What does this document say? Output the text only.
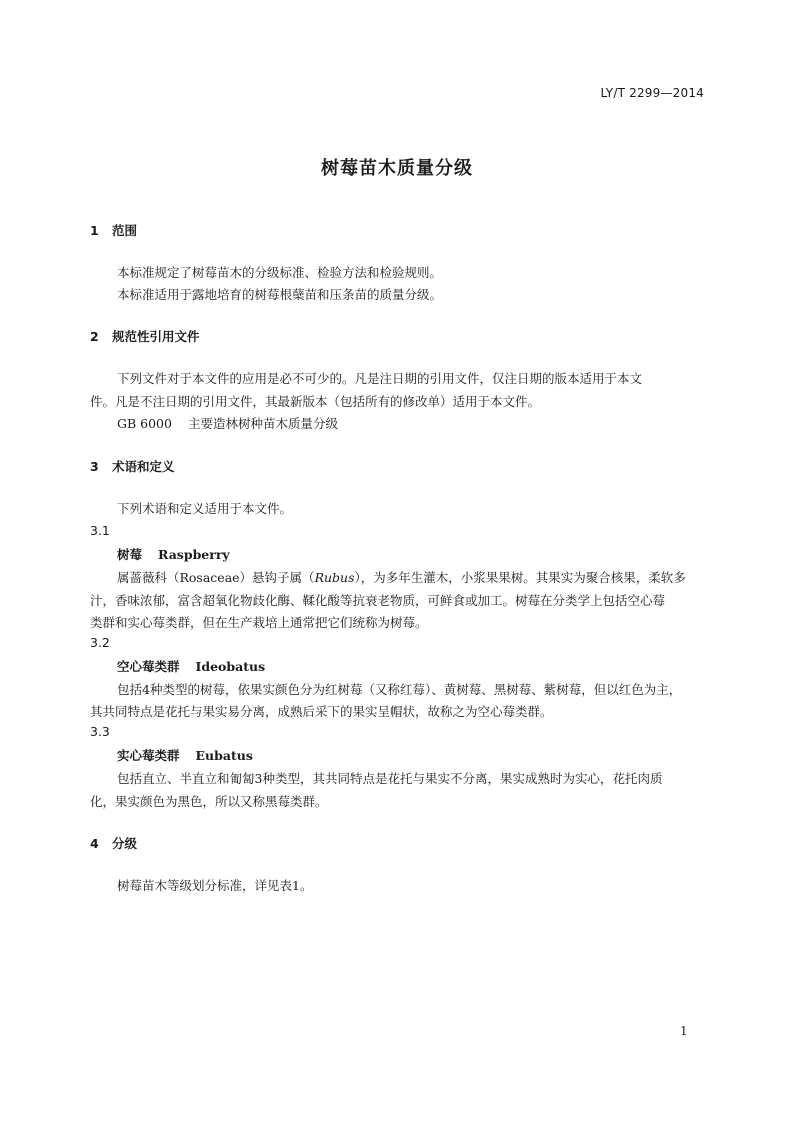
LY/T 2299—2014
树莓苗木质量分级
1 范围
本标准规定了树莓苗木的分级标准、检验方法和检验规则。
本标准适用于露地培育的树莓根蘖苗和压条苗的质量分级。
2 规范性引用文件
下列文件对于本文件的应用是必不可少的。凡是注日期的引用文件，仅注日期的版本适用于本文
件。凡是不注日期的引用文件，其最新版本（包括所有的修改单）适用于本文件。
GB 6000 主要造林树种苗木质量分级
3 术语和定义
下列术语和定义适用于本文件。
3.1
树莓 Raspberry
属蔷薇科（Rosaceae）悬钩子属（Rubus），为多年生灌木，小浆果果树。其果实为聚合核果，柔软多
汁，香味浓郁，富含超氧化物歧化酶、鞣化酸等抗衰老物质，可鲜食或加工。树莓在分类学上包括空心莓
类群和实心莓类群，但在生产栽培上通常把它们统称为树莓。
3.2
空心莓类群 Ideobatus
包括4种类型的树莓，依果实颜色分为红树莓（又称红莓）、黄树莓、黑树莓、紫树莓，但以红色为主，
其共同特点是花托与果实易分离，成熟后采下的果实呈帽状，故称之为空心莓类群。
3.3
实心莓类群 Eubatus
包括直立、半直立和匍匐3种类型，其共同特点是花托与果实不分离，果实成熟时为实心，花托肉质
化，果实颜色为黑色，所以又称黑莓类群。
4 分级
树莓苗木等级划分标准，详见表1。
1
